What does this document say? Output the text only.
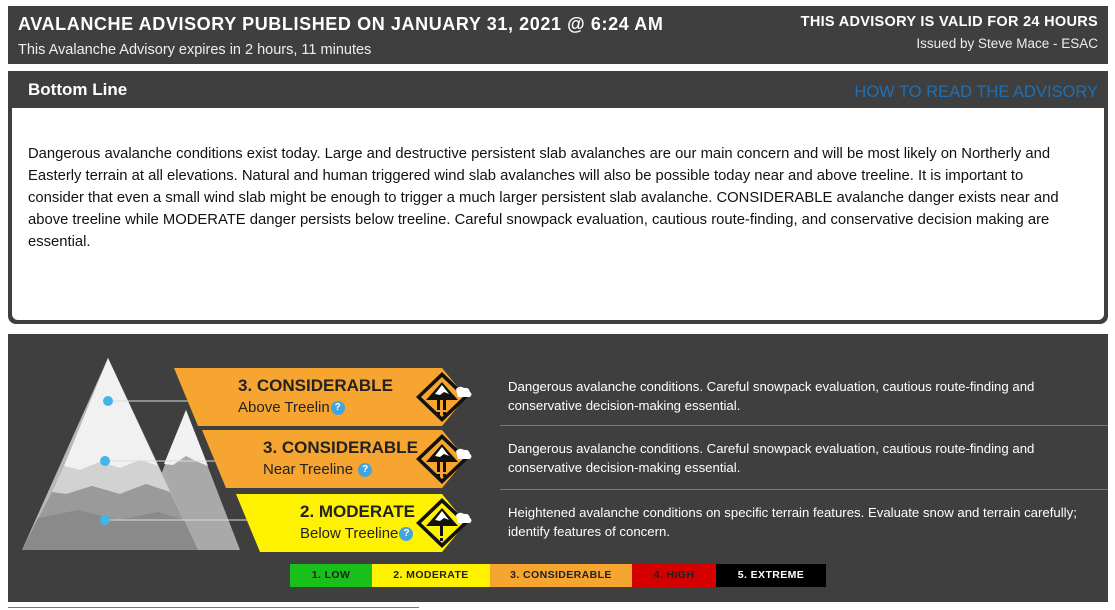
AVALANCHE ADVISORY PUBLISHED ON JANUARY 31, 2021 @ 6:24 AM
This Avalanche Advisory expires in 2 hours, 11 minutes
THIS ADVISORY IS VALID FOR 24 HOURS
Issued by Steve Mace - ESAC
Bottom Line	HOW TO READ THE ADVISORY

Dangerous avalanche conditions exist today. Large and destructive persistent slab avalanches are our main concern and will be most likely on Northerly and Easterly terrain at all elevations. Natural and human triggered wind slab avalanches will also be possible today near and above treeline. It is important to consider that even a small wind slab might be enough to trigger a much larger persistent slab avalanche. CONSIDERABLE avalanche danger exists near and above treeline while MODERATE danger persists below treeline. Careful snowpack evaluation, cautious route-finding, and conservative decision making are essential.

3. CONSIDERABLE
Above Treelin ?
Dangerous avalanche conditions. Careful snowpack evaluation, cautious route-finding and conservative decision-making essential.
3. CONSIDERABLE
Near Treeline ?
Dangerous avalanche conditions. Careful snowpack evaluation, cautious route-finding and conservative decision-making essential.
2. MODERATE
Below Treeline ?
Heightened avalanche conditions on specific terrain features. Evaluate snow and terrain carefully; identify features of concern.
1. LOW	2. MODERATE	3. CONSIDERABLE	4. HIGH	5. EXTREME
